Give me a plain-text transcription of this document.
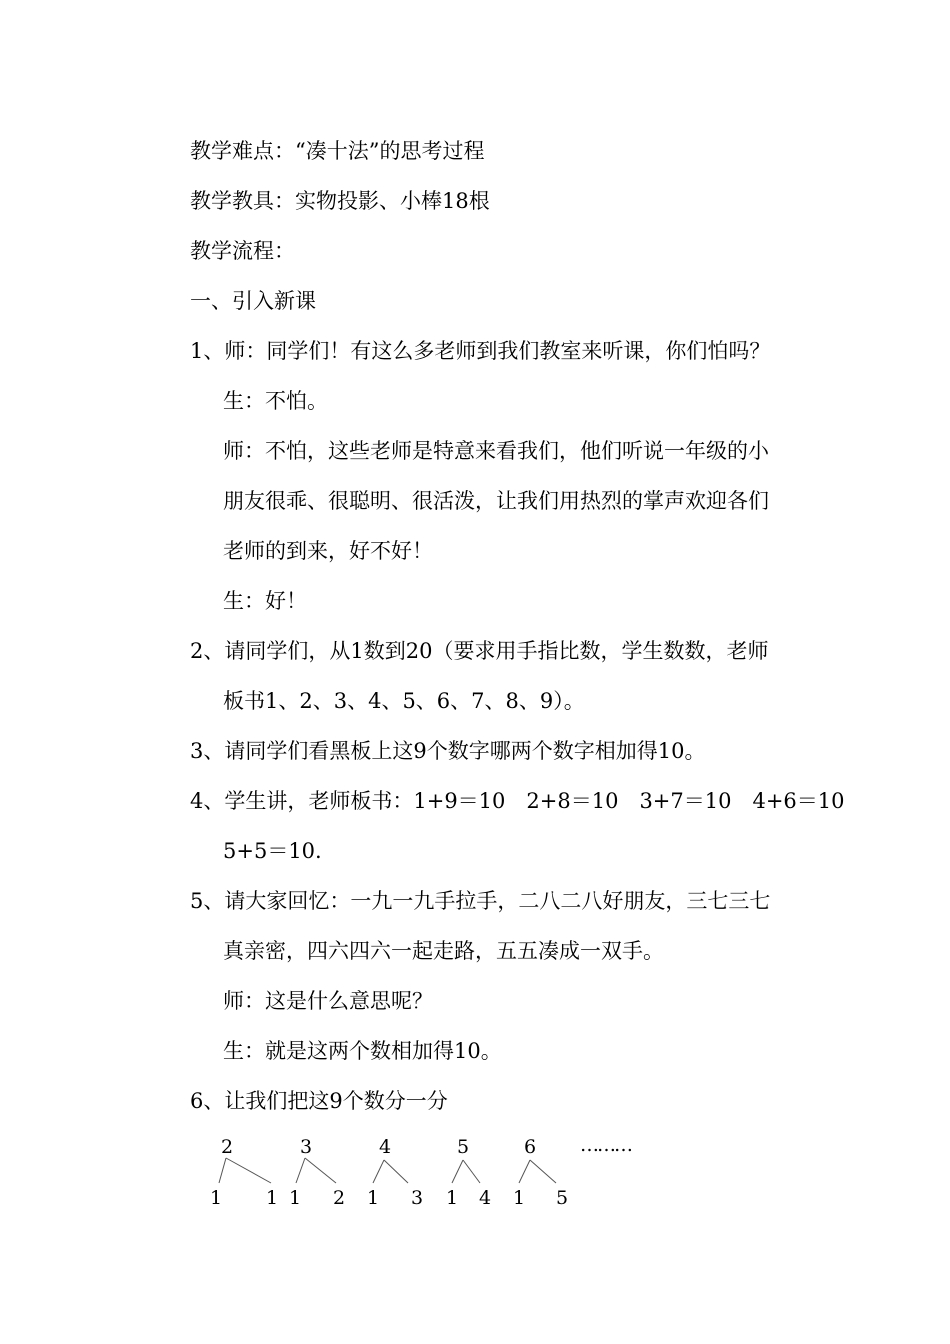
教学难点：“凑十法”的思考过程
教学教具：实物投影、小棒18根
教学流程：
一、引入新课
1、师：同学们！有这么多老师到我们教室来听课，你们怕吗？
生：不怕。
师：不怕，这些老师是特意来看我们，他们听说一年级的小
朋友很乖、很聪明、很活泼，让我们用热烈的掌声欢迎各们
老师的到来，好不好！
生：好！
2、请同学们，从1数到20（要求用手指比数，学生数数，老师
板书1、2、3、4、5、6、7、8、9）。
3、请同学们看黑板上这9个数字哪两个数字相加得10。
4、学生讲，老师板书：1+9＝10　2+8＝10　3+7＝10　4+6＝10
5+5＝10.
5、请大家回忆：一九一九手拉手，二八二八好朋友，三七三七
真亲密，四六四六一起走路，五五凑成一双手。
师：这是什么意思呢？
生：就是这两个数相加得10。
6、让我们把这9个数分一分
2	3	4	5	6 ………
1 1 1 2 1 3 1 4 1 5
